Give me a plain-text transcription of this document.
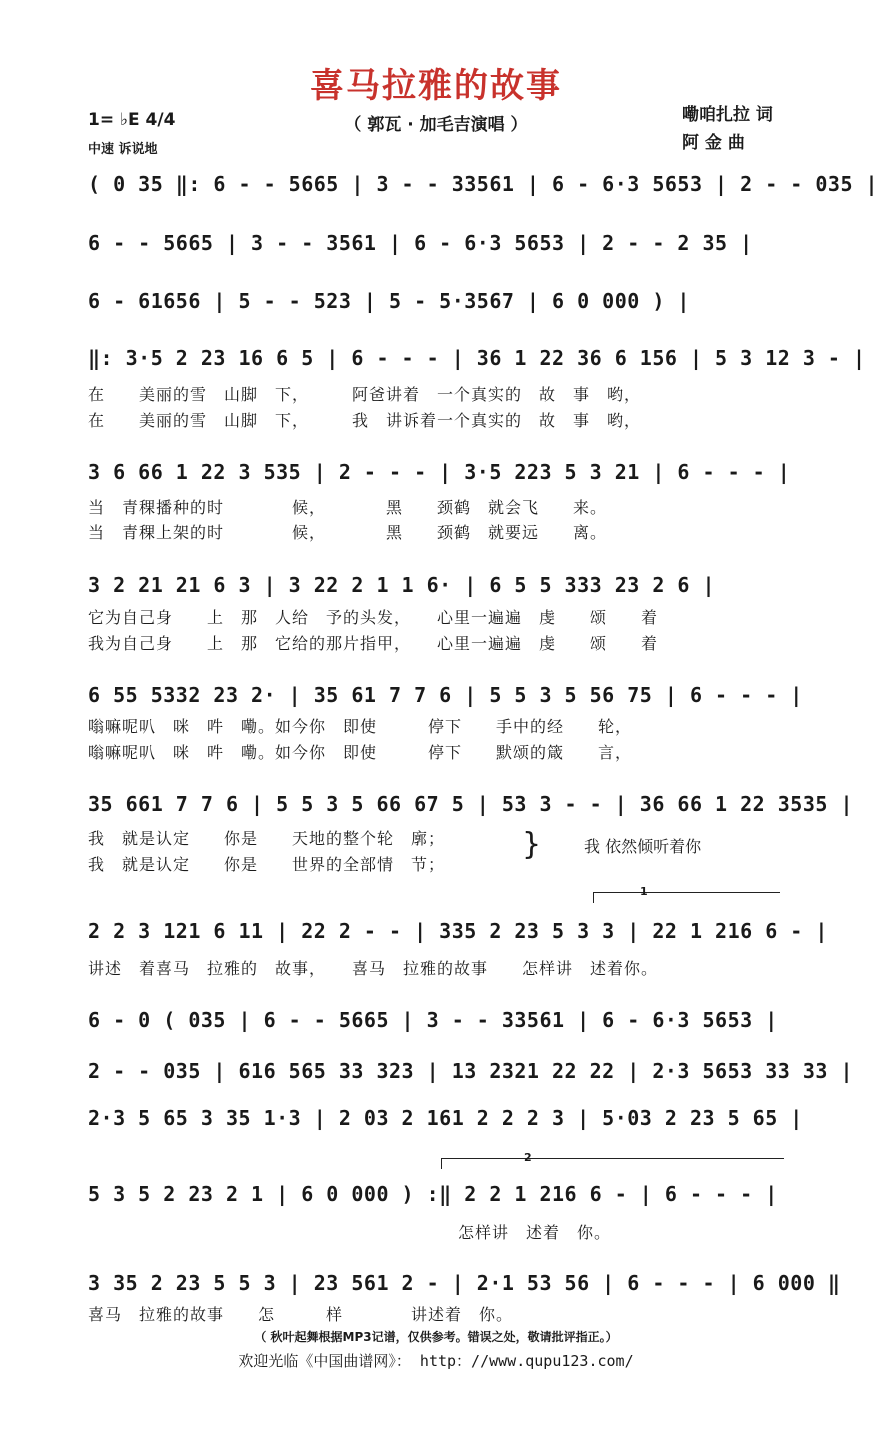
喜马拉雅的故事
（ 郭瓦 · 加毛吉演唱 ）
1= ♭E 4/4
中速 诉说地
嘞咱扎拉 词
阿 金 曲
( 0 35 ‖: 6 - - 5665 | 3 - - 33561 | 6 - 6·3 5653 | 2 - - 035 |
6 - - 5665 | 3 - - 3561 | 6 - 6·3 5653 | 2 - - 2 35 |
6 - 61656 | 5 - - 523 | 5 - 5·3567 | 6 0 000 ) |
‖: 3·5 2 23 16 6 5 | 6 - - - | 36 1 22 36 6 156 | 5 3 12 3 - |
在　　美丽的雪　山脚　下，　　　阿爸讲着　一个真实的　故　事　哟，
在　　美丽的雪　山脚　下，　　　我　讲诉着一个真实的　故　事　哟，
3 6 66 1 22 3 535 | 2 - - - | 3·5 223 5 3 21 | 6 - - - |
当　青稞播种的时　　　　候，　　　　黑　　颈鹤　就会飞　　来。
当　青稞上架的时　　　　候，　　　　黑　　颈鹤　就要远　　离。
3 2 21 21 6 3 | 3 22 2 1 1 6· | 6 5 5 333 23 2 6 |
它为自己身　　上　那　人给　予的头发，　　心里一遍遍　虔　　颂　　着
我为自己身　　上　那　它给的那片指甲，　　心里一遍遍　虔　　颂　　着
6 55 5332 23 2· | 35 61 7 7 6 | 5 5 3 5 56 75 | 6 - - - |
嗡嘛呢叭　咪　吽　嘞。如今你　即使　　　停下　　手中的经　　轮，
嗡嘛呢叭　咪　吽　嘞。如今你　即使　　　停下　　默颂的箴　　言，
35 661 7 7 6 | 5 5 3 5 66 67 5 | 53 3 - - | 36 66 1 22 3535 |
我　就是认定　　你是　　天地的整个轮　廓；
我　就是认定　　你是　　世界的全部情　节；
}	我 依然倾听着你
1
2 2 3 121 6 11 | 22 2 - - | 335 2 23 5 3 3 | 22 1 216 6 - |
讲述　着喜马　拉雅的　故事，　　喜马　拉雅的故事　　怎样讲　述着你。
6 - 0 ( 035 | 6 - - 5665 | 3 - - 33561 | 6 - 6·3 5653 |
2 - - 035 | 616 565 33 323 | 13 2321 22 22 | 2·3 5653 33 33 |
2·3 5 65 3 35 1·3 | 2 03 2 161 2 2 2 3 | 5·03 2 23 5 65 |
2
5 3 5 2 23 2 1 | 6 0 000 ) :‖ 2 2 1 216 6 - | 6 - - - |
怎样讲　述着　你。
3 35 2 23 5 5 3 | 23 561 2 - | 2·1 53 56 | 6 - - - | 6 000 ‖
喜马　拉雅的故事　　怎　　　样　　　　讲述着　你。
（ 秋叶起舞根据MP3记谱，仅供参考。错误之处，敬请批评指正。）
欢迎光临《中国曲谱网》： http：//www.qupu123.com/
